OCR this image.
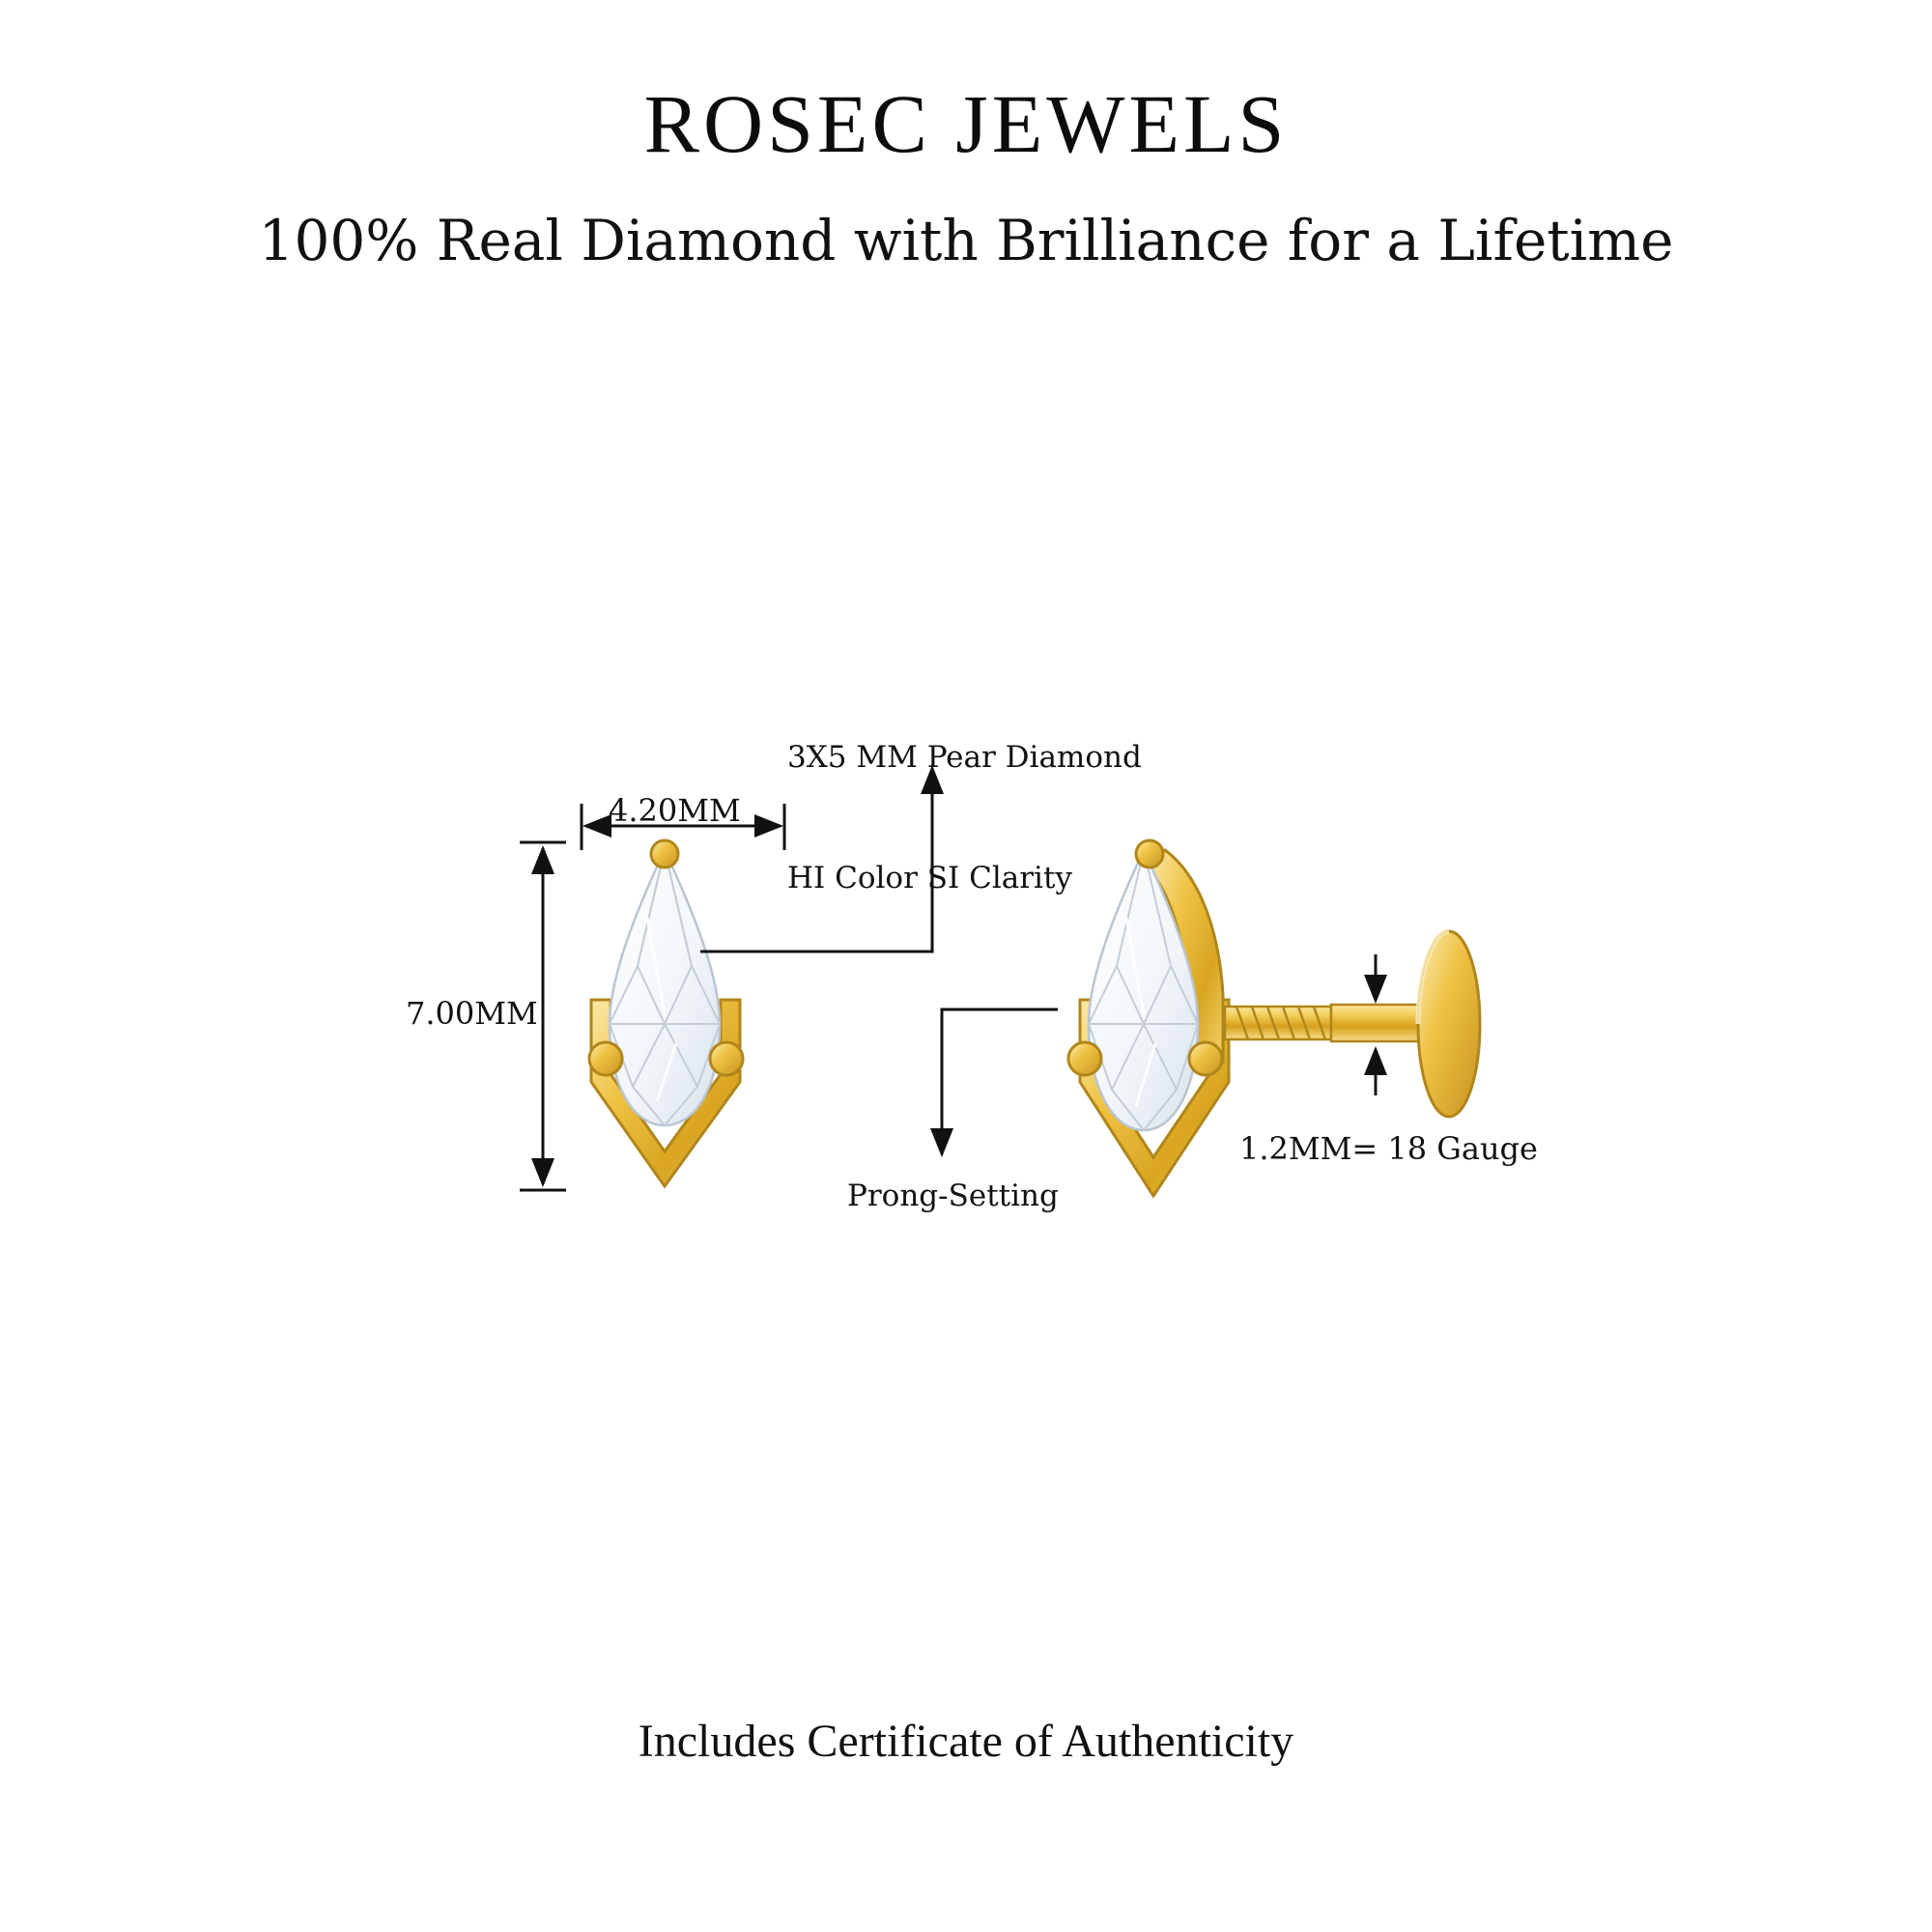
ROSEC JEWELS
100% Real Diamond with Brilliance for a Lifetime

3X5 MM Pear Diamond

HI Color SI Clarity

Prong-Setting
1.2MM= 18 Gauge
4.20MM
7.00MM
Includes Certificate of Authenticity
